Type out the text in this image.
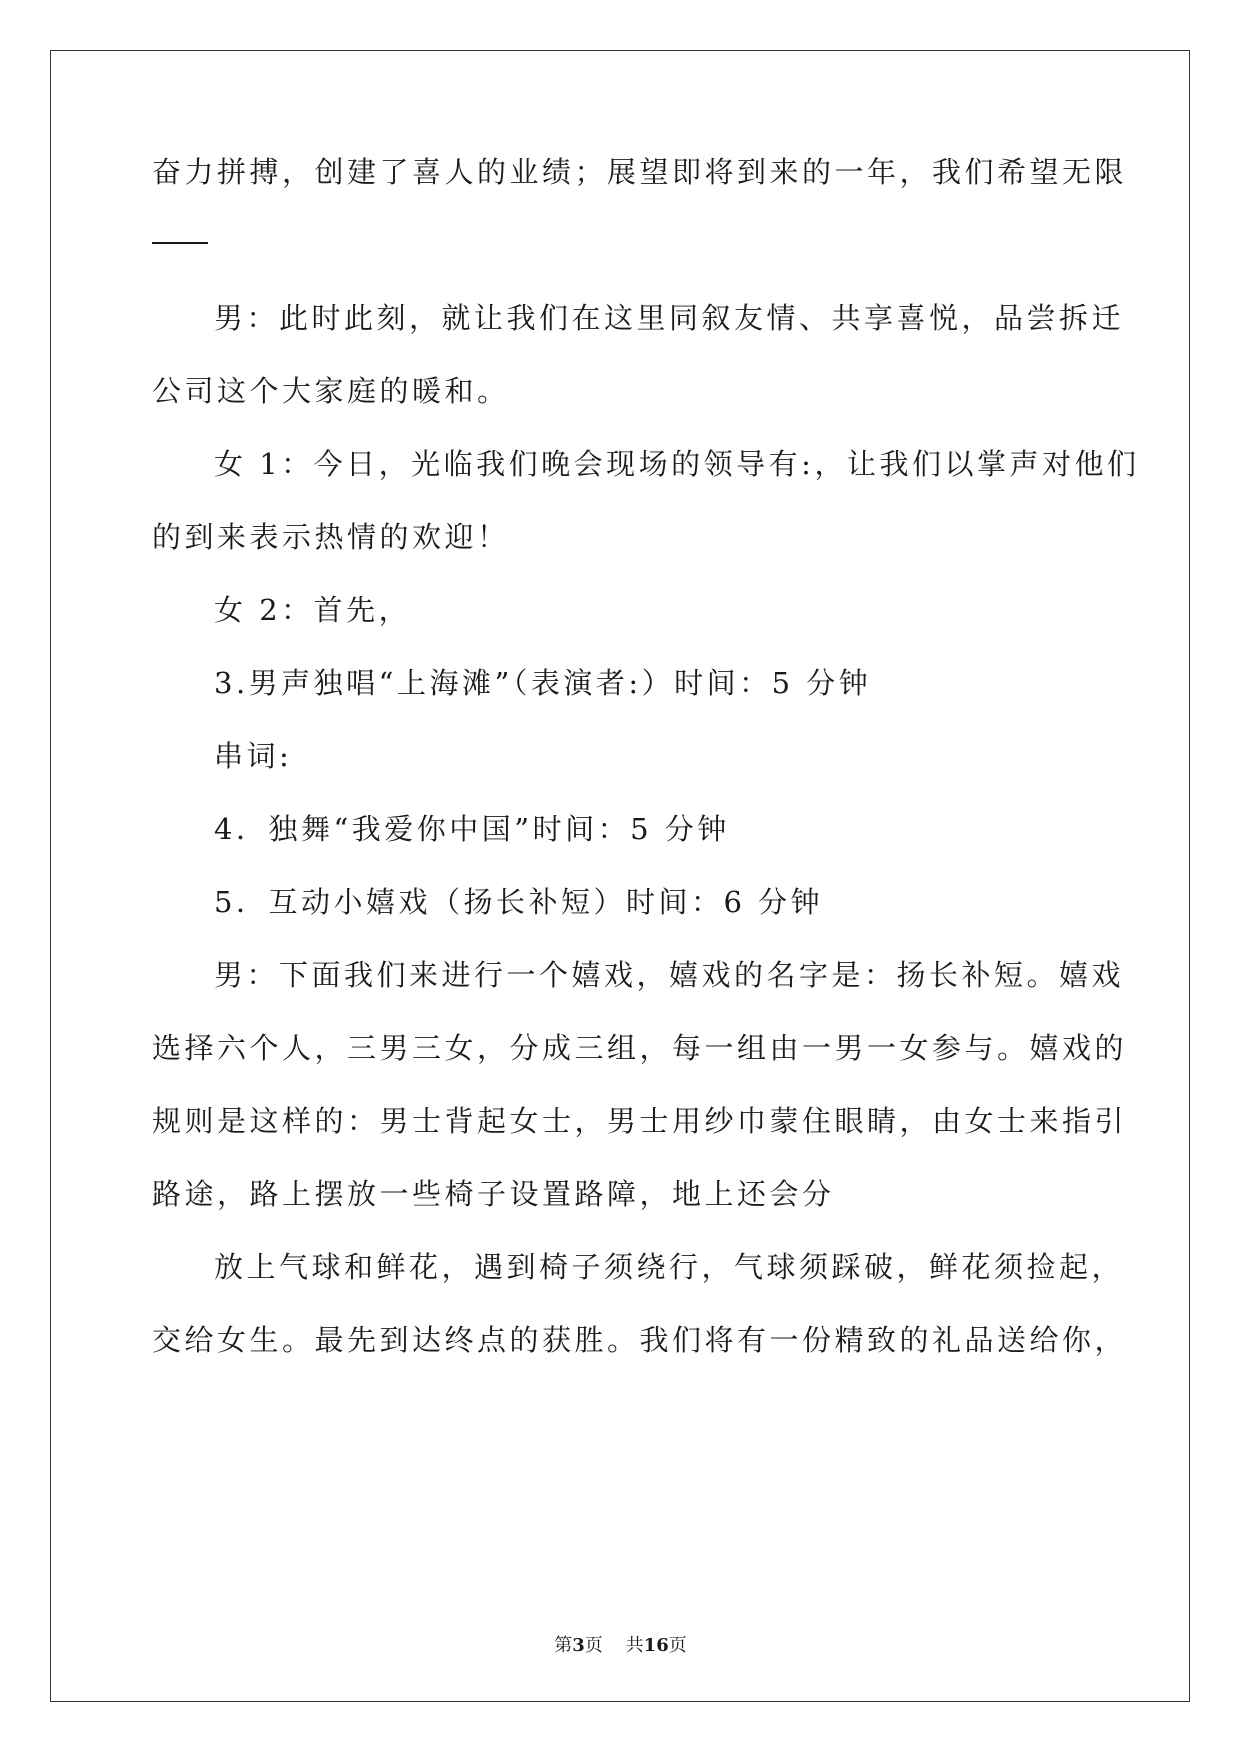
奋力拼搏，创建了喜人的业绩；展望即将到来的一年，我们希望无限
男：此时此刻，就让我们在这里同叙友情、共享喜悦，品尝拆迁
公司这个大家庭的暖和。
女 1：今日，光临我们晚会现场的领导有:，让我们以掌声对他们
的到来表示热情的欢迎！
女 2：首先，
3.男声独唱“上海滩”（表演者:）时间：5 分钟
串词:
4．独舞“我爱你中国”时间：5 分钟
5．互动小嬉戏（扬长补短）时间：6 分钟
男：下面我们来进行一个嬉戏，嬉戏的名字是：扬长补短。嬉戏
选择六个人，三男三女，分成三组，每一组由一男一女参与。嬉戏的
规则是这样的：男士背起女士，男士用纱巾蒙住眼睛，由女士来指引
路途，路上摆放一些椅子设置路障，地上还会分
放上气球和鲜花，遇到椅子须绕行，气球须踩破，鲜花须捡起，
交给女生。最先到达终点的获胜。我们将有一份精致的礼品送给你，
第3页 共16页
